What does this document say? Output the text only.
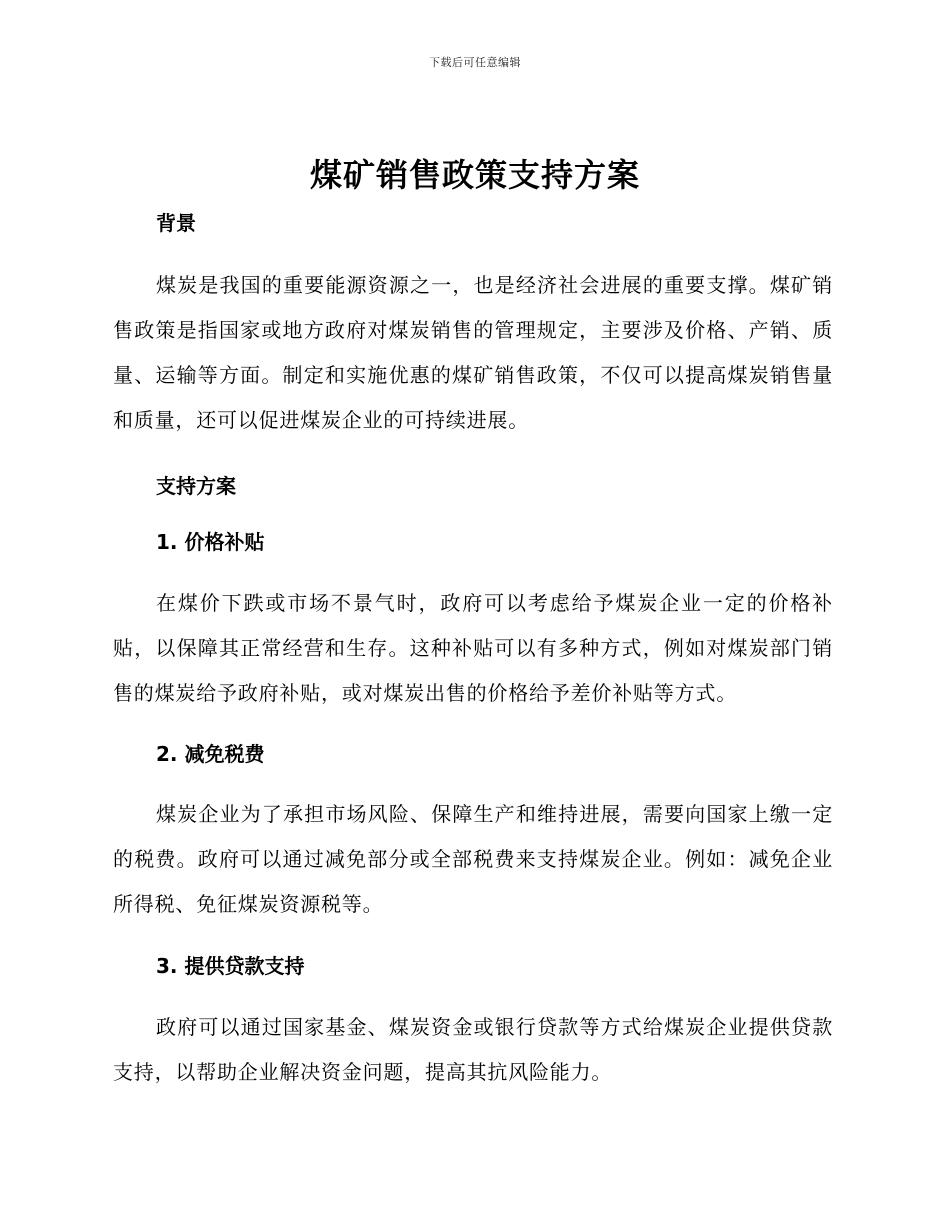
下载后可任意编辑
煤矿销售政策支持方案
背景

煤炭是我国的重要能源资源之一，也是经济社会进展的重要支撑。煤矿销售政策是指国家或地方政府对煤炭销售的管理规定，主要涉及价格、产销、质量、运输等方面。制定和实施优惠的煤矿销售政策，不仅可以提高煤炭销售量和质量，还可以促进煤炭企业的可持续进展。

支持方案
1. 价格补贴

在煤价下跌或市场不景气时，政府可以考虑给予煤炭企业一定的价格补贴，以保障其正常经营和生存。这种补贴可以有多种方式，例如对煤炭部门销售的煤炭给予政府补贴，或对煤炭出售的价格给予差价补贴等方式。

2. 减免税费

煤炭企业为了承担市场风险、保障生产和维持进展，需要向国家上缴一定的税费。政府可以通过减免部分或全部税费来支持煤炭企业。例如：减免企业所得税、免征煤炭资源税等。

3. 提供贷款支持

政府可以通过国家基金、煤炭资金或银行贷款等方式给煤炭企业提供贷款支持，以帮助企业解决资金问题，提高其抗风险能力。
